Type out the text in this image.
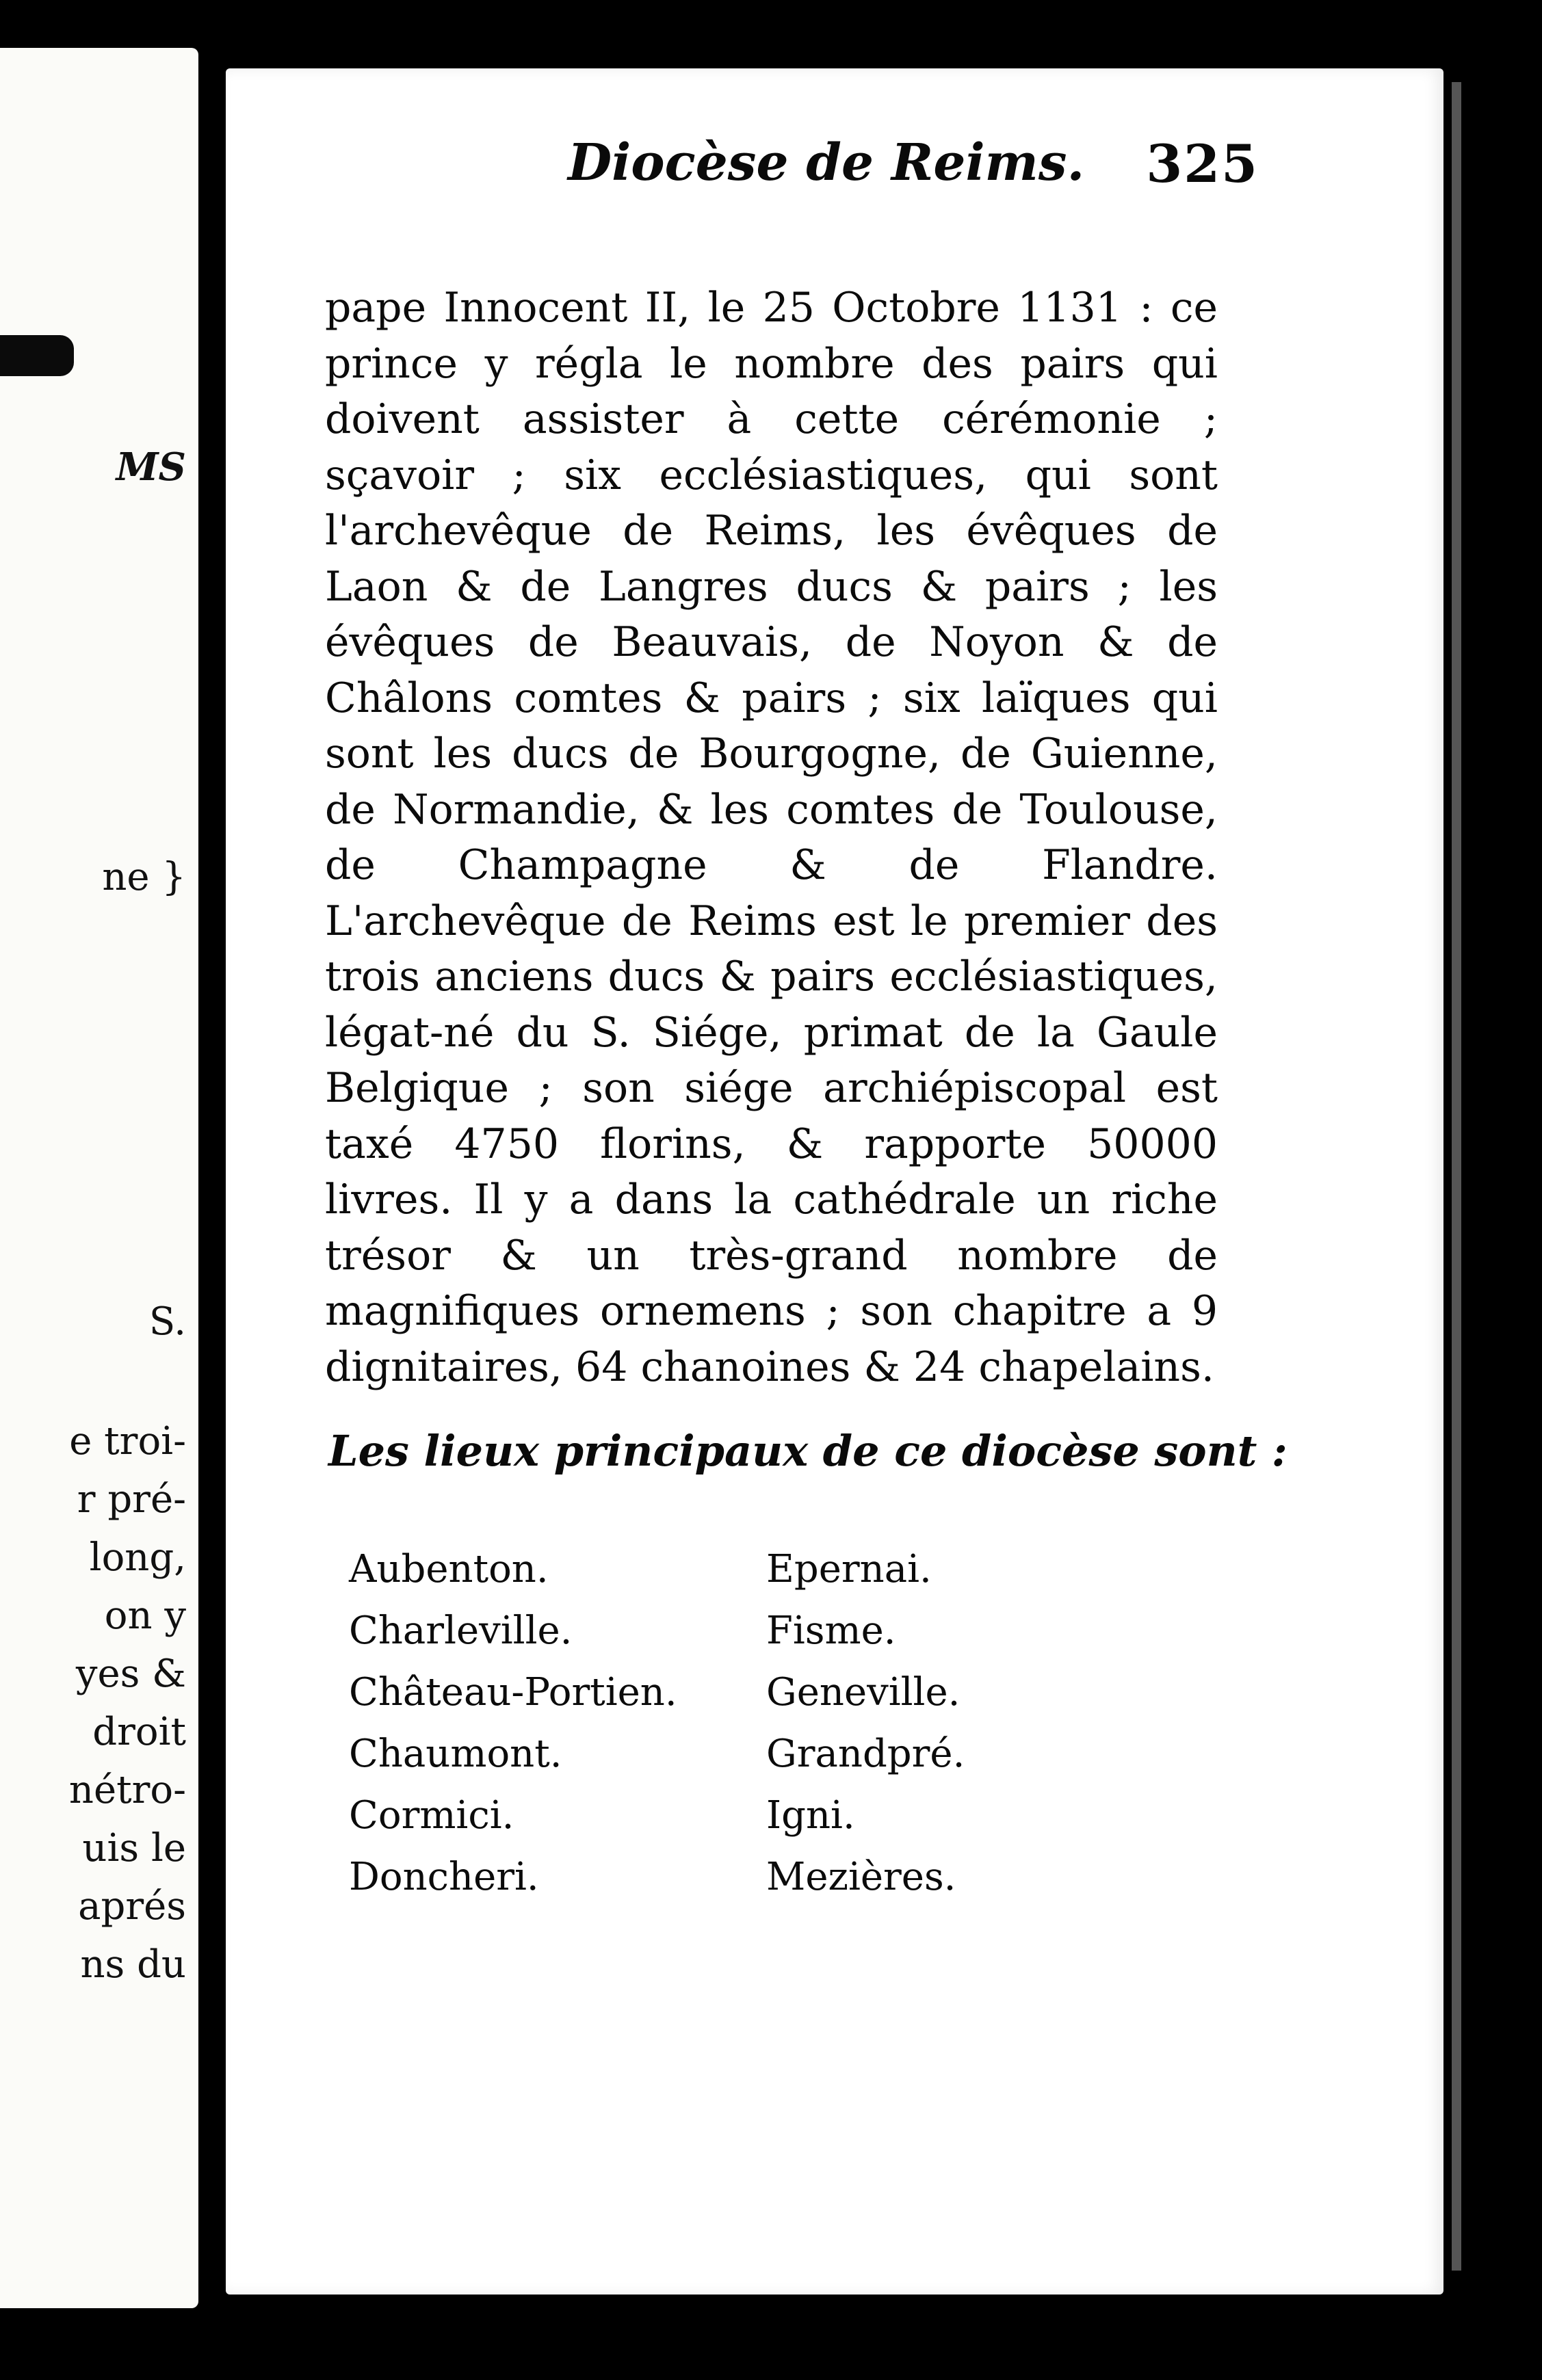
MS

ne }

S.

e troi-

r pré-

long,

on y

yes &

droit

nétro-

uis le

aprés

ns du

Diocèse de Reims. 325

pape Innocent II, le 25 Octobre 1131 : ce prince y régla le nombre des pairs qui doivent assister à cette cérémonie ; sçavoir ; six ecclésiastiques, qui sont l'archevêque de Reims, les évêques de Laon & de Langres ducs & pairs ; les évêques de Beauvais, de Noyon & de Châlons comtes & pairs ; six laïques qui sont les ducs de Bourgogne, de Guienne, de Normandie, & les comtes de Toulouse, de Champagne & de Flandre. L'archevêque de Reims est le premier des trois anciens ducs & pairs ecclésiastiques, légat-né du S. Siége, primat de la Gaule Belgique ; son siége archiépiscopal est taxé 4750 florins, & rapporte 50000 livres. Il y a dans la cathédrale un riche trésor & un très-grand nombre de magnifiques ornemens ; son chapitre a 9 dignitaires, 64 chanoines & 24 chapelains.

Les lieux principaux de ce diocèse sont :

Aubenton.
Charleville.
Château-Portien.
Chaumont.
Cormici.
Doncheri.
Epernai.
Fisme.
Geneville.
Grandpré.
Igni.
Mezières.
